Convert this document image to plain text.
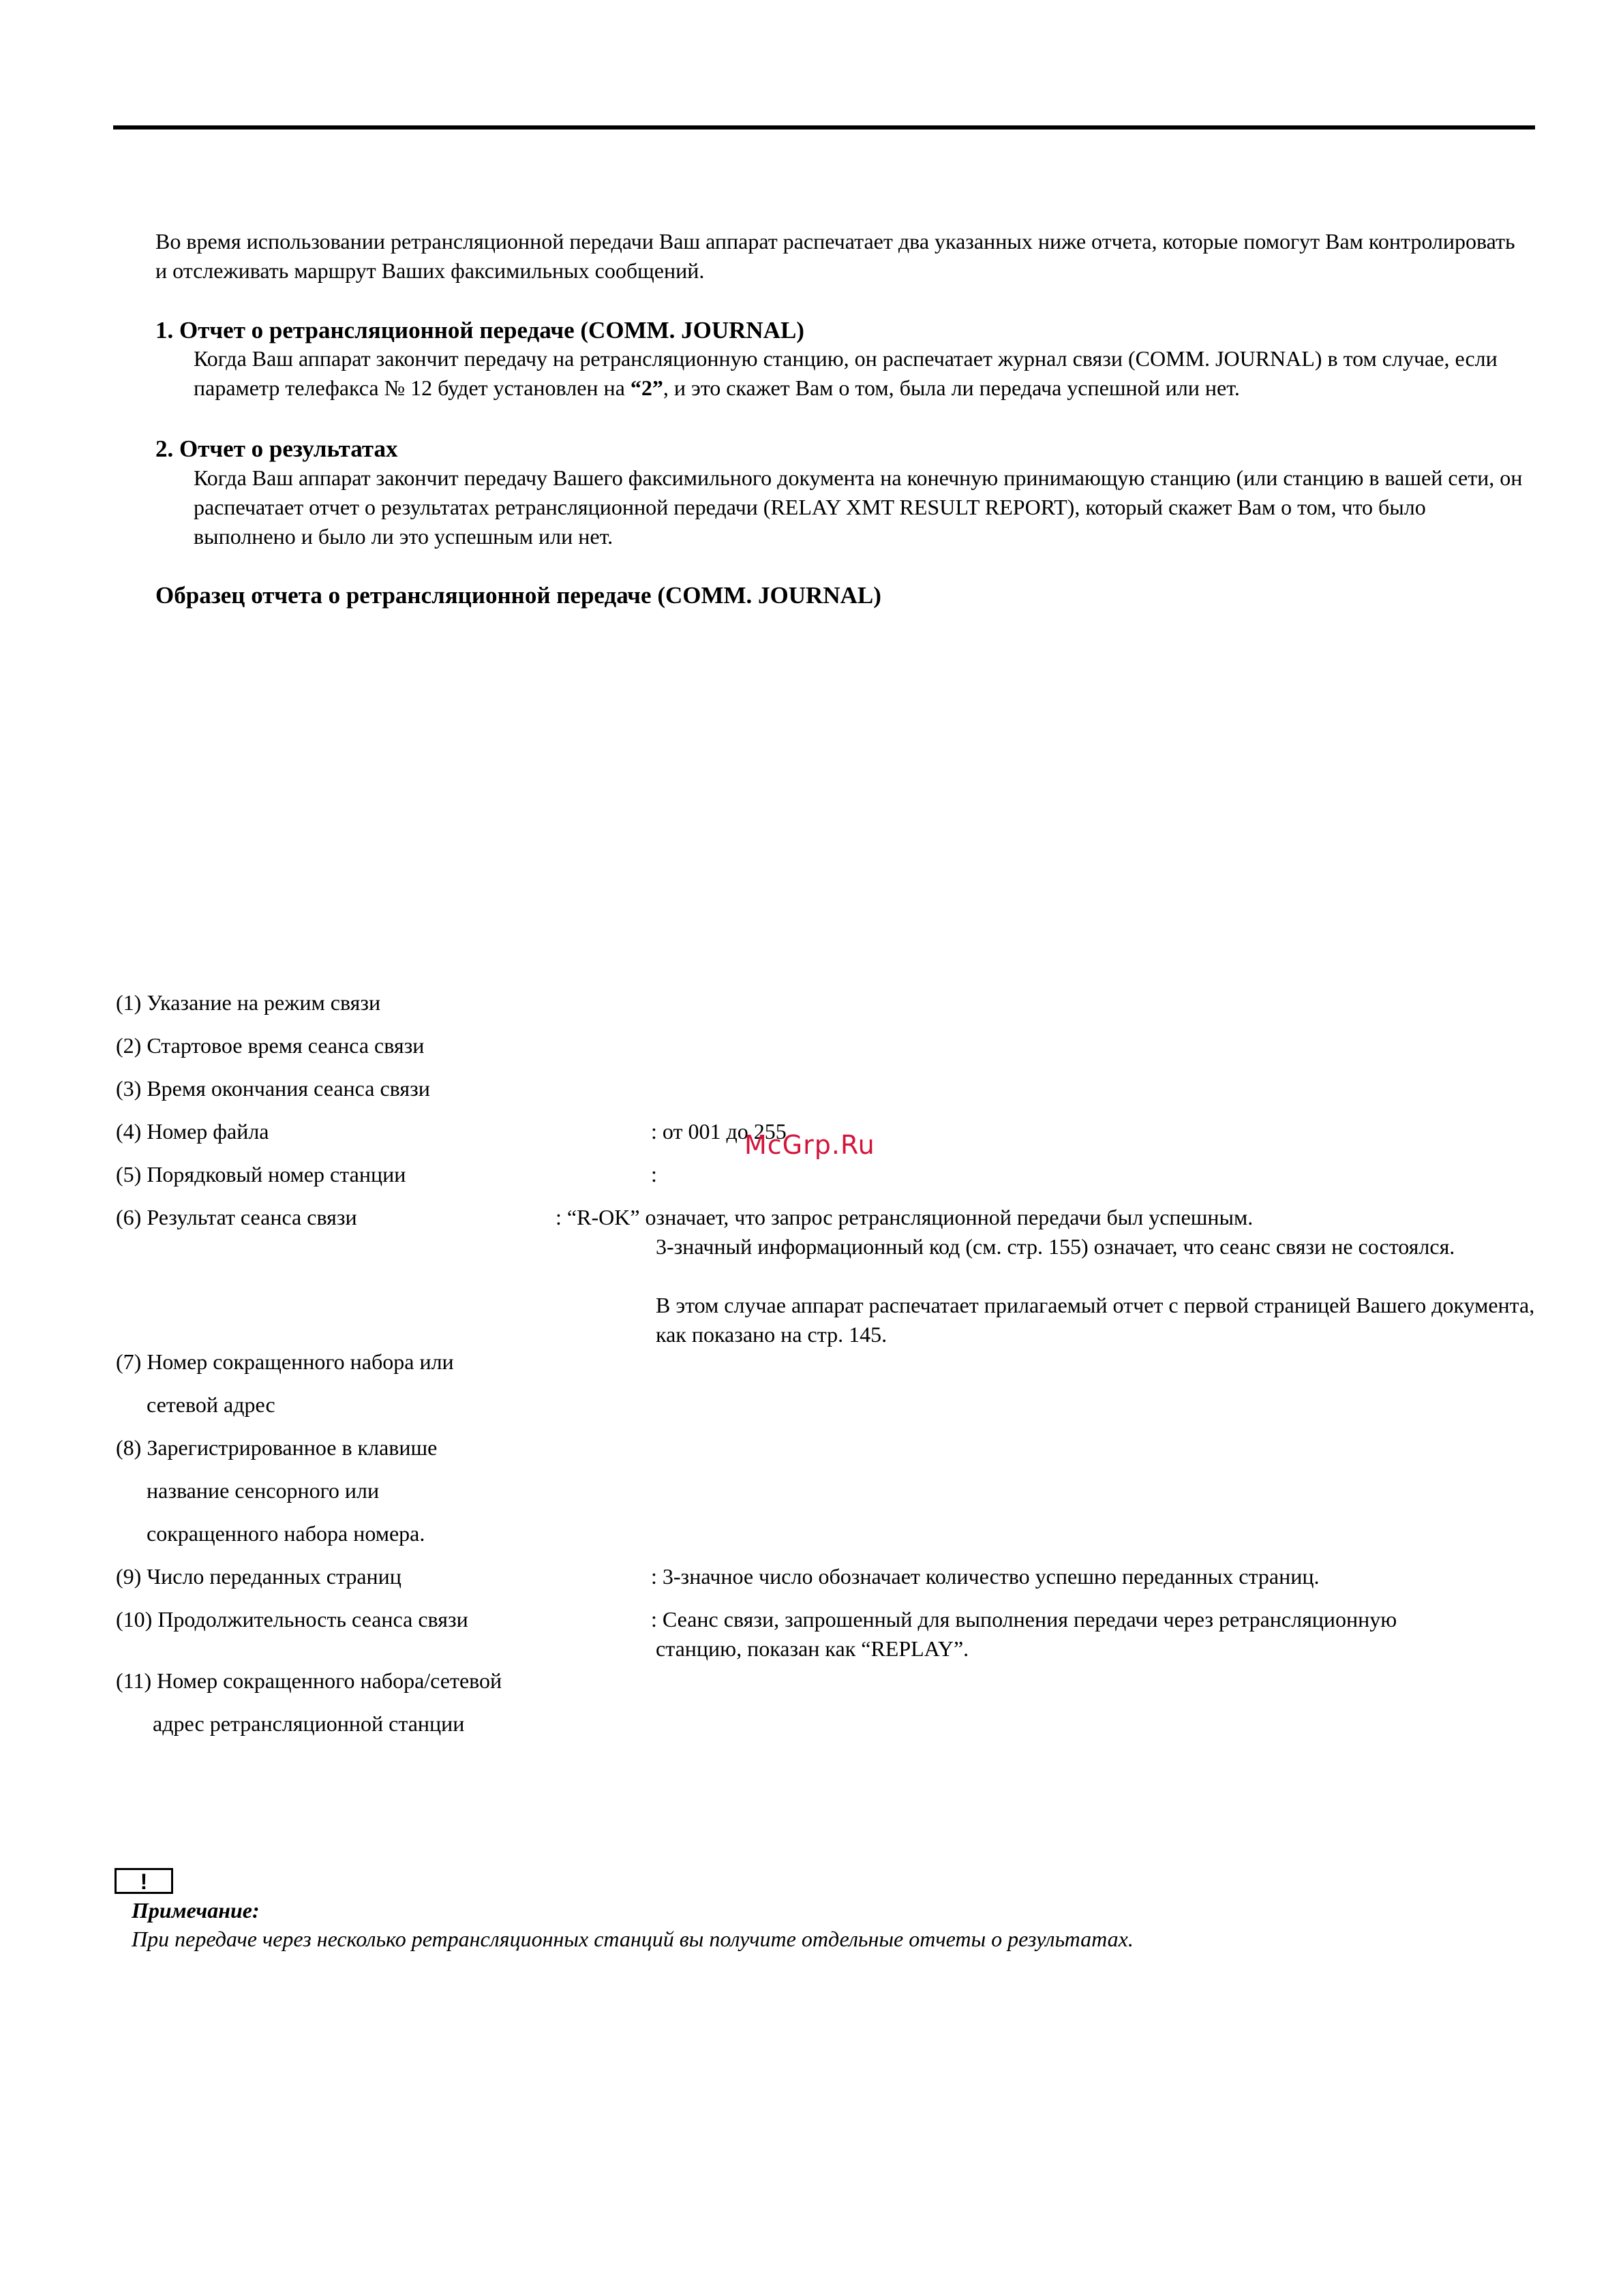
Во время использовании ретрансляционной передачи Ваш аппарат распечатает два указанных ниже отчета, которые помогут Вам контролировать и отслеживать маршрут Ваших факсимильных сообщений.

1. Отчет о ретрансляционной передаче (COMM. JOURNAL)

Когда Ваш аппарат закончит передачу на ретрансляционную станцию, он распечатает журнал связи (COMM. JOURNAL) в том случае, если параметр телефакса № 12 будет установлен на “2”, и это скажет Вам о том, была ли передача успешной или нет.

2. Отчет о результатах

Когда Ваш аппарат закончит передачу Вашего факсимильного документа на конечную принимающую станцию (или станцию в вашей сети, он распечатает отчет о результатах ретрансляционной передачи (RELAY XMT RESULT REPORT), который скажет Вам о том, что было выполнено и было ли это успешным или нет.

Образец отчета о ретрансляционной передаче (COMM. JOURNAL)

(1) Указание на режим связи

(2) Стартовое время сеанса связи

(3) Время окончания сеанса связи

(4) Номер файла	: от 001 до 255

(5) Порядковый номер станции	:

(6) Результат сеанса связи	: “R-OK” означает, что запрос ретрансляционной передачи был успешным.

3-значный информационный код (см. стр. 155) означает, что сеанс связи не состоялся.

В этом случае аппарат распечатает прилагаемый отчет с первой страницей Вашего документа, как показано на стр. 145.

(7) Номер сокращенного набора или

сетевой адрес

(8) Зарегистрированное в клавише

название сенсорного или

сокращенного набора номера.

(9) Число переданных страниц	: 3-значное число обозначает количество успешно переданных страниц.

(10) Продолжительность сеанса связи	: Сеанс связи, запрошенный для выполнения передачи через ретрансляционную

станцию, показан как “REPLAY”.

(11) Номер сокращенного набора/сетевой

адрес ретрансляционной станции

!

Примечание:

При передаче через несколько ретрансляционных станций вы получите отдельные отчеты о результатах.

McGrp.Ru
